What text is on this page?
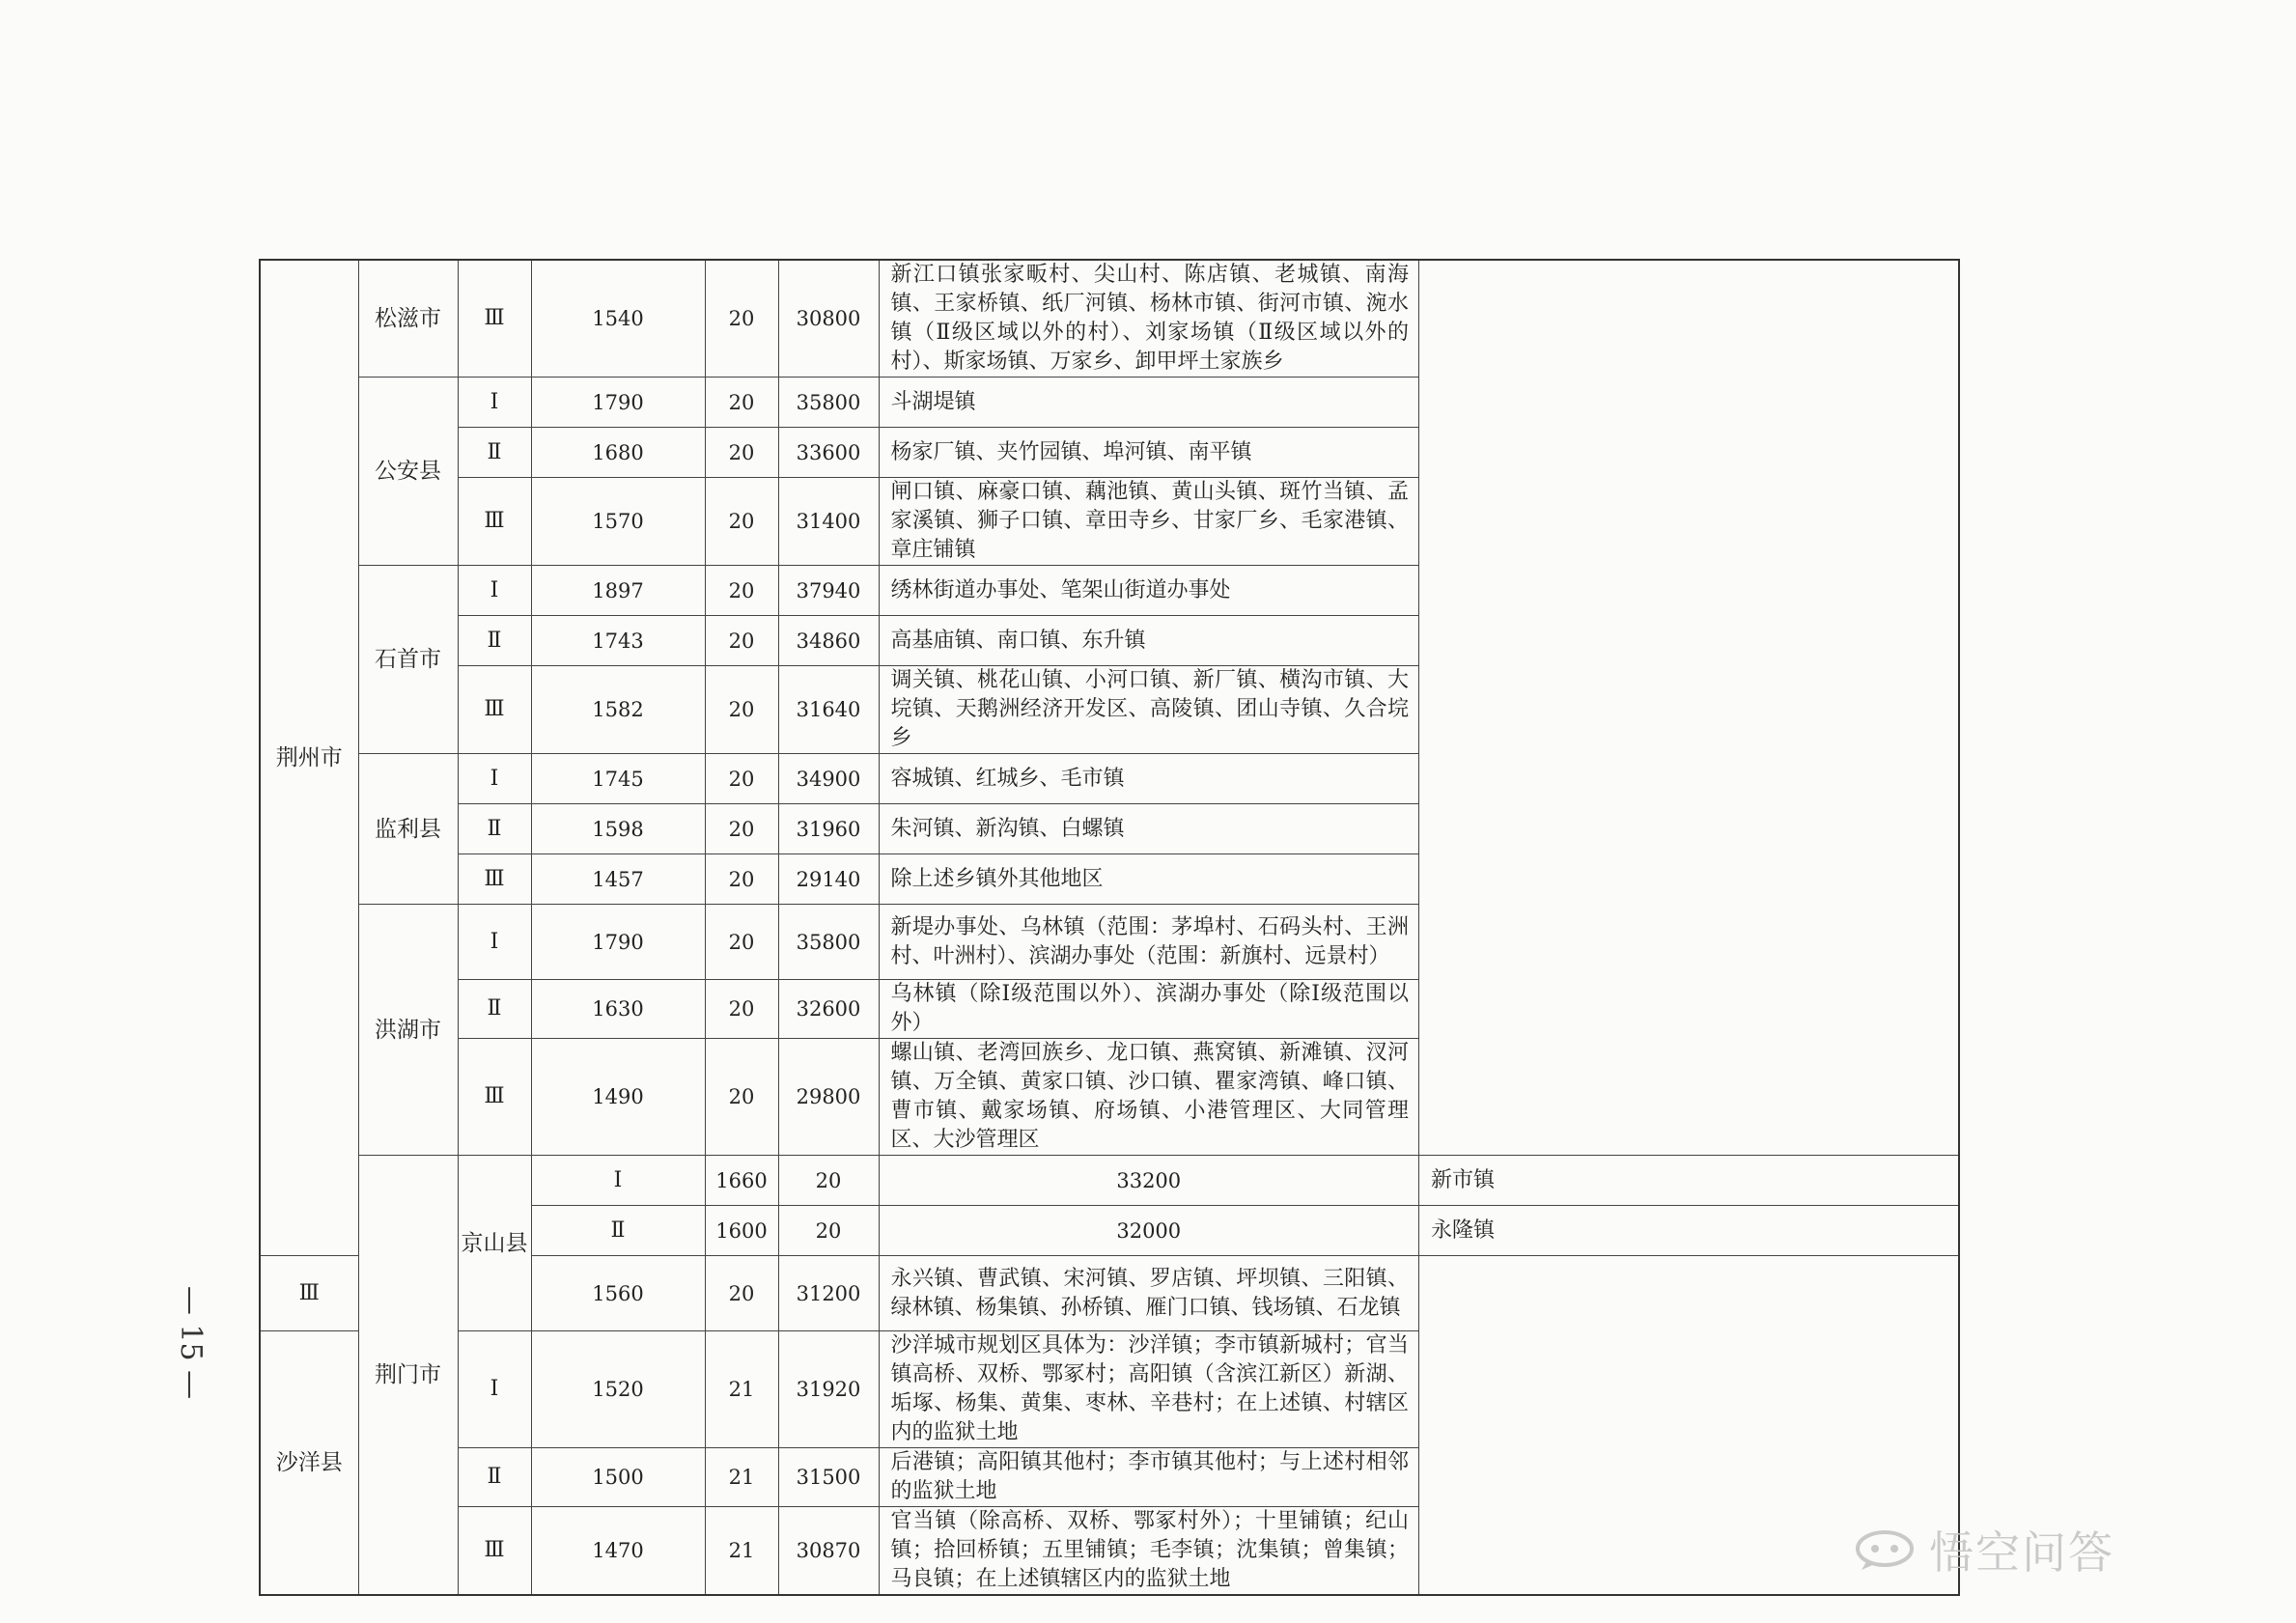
荆州市	松滋市	Ⅲ	1540	20	30800	新江口镇张家畈村、尖山村、陈店镇、老城镇、南海镇、王家桥镇、纸厂河镇、杨林市镇、街河市镇、涴水镇（Ⅱ级区域以外的村）、刘家场镇（Ⅱ级区域以外的村）、斯家场镇、万家乡、卸甲坪土家族乡	
	公安县	Ⅰ	1790	20	35800	斗湖堤镇	
		Ⅱ	1680	20	33600	杨家厂镇、夹竹园镇、埠河镇、南平镇	
		Ⅲ	1570	20	31400	闸口镇、麻豪口镇、藕池镇、黄山头镇、斑竹当镇、孟家溪镇、狮子口镇、章田寺乡、甘家厂乡、毛家港镇、章庄铺镇	
	石首市	Ⅰ	1897	20	37940	绣林街道办事处、笔架山街道办事处	
		Ⅱ	1743	20	34860	高基庙镇、南口镇、东升镇	
		Ⅲ	1582	20	31640	调关镇、桃花山镇、小河口镇、新厂镇、横沟市镇、大垸镇、天鹅洲经济开发区、高陵镇、团山寺镇、久合垸乡	
	监利县	Ⅰ	1745	20	34900	容城镇、红城乡、毛市镇	
		Ⅱ	1598	20	31960	朱河镇、新沟镇、白螺镇	
		Ⅲ	1457	20	29140	除上述乡镇外其他地区	
	洪湖市	Ⅰ	1790	20	35800	新堤办事处、乌林镇（范围：茅埠村、石码头村、王洲村、叶洲村）、滨湖办事处（范围：新旗村、远景村）	
		Ⅱ	1630	20	32600	乌林镇（除Ⅰ级范围以外）、滨湖办事处（除Ⅰ级范围以外）	
		Ⅲ	1490	20	29800	螺山镇、老湾回族乡、龙口镇、燕窝镇、新滩镇、汊河镇、万全镇、黄家口镇、沙口镇、瞿家湾镇、峰口镇、曹市镇、戴家场镇、府场镇、小港管理区、大同管理区、大沙管理区	
	荆门市	京山县	Ⅰ	1660	20	33200	新市镇
			Ⅱ	1600	20	32000	永隆镇
Ⅲ			1560	20	31200	永兴镇、曹武镇、宋河镇、罗店镇、坪坝镇、三阳镇、绿林镇、杨集镇、孙桥镇、雁门口镇、钱场镇、石龙镇	
沙洋县		Ⅰ	1520	21	31920	沙洋城市规划区具体为：沙洋镇；李市镇新城村；官当镇高桥、双桥、鄂冢村；高阳镇（含滨江新区）新湖、垢塚、杨集、黄集、枣林、辛巷村；在上述镇、村辖区内的监狱土地	
		Ⅱ	1500	21	31500	后港镇；高阳镇其他村；李市镇其他村；与上述村相邻的监狱土地	
		Ⅲ	1470	21	30870	官当镇（除高桥、双桥、鄂冢村外）；十里铺镇；纪山镇；拾回桥镇；五里铺镇；毛李镇；沈集镇；曾集镇；马良镇；在上述镇辖区内的监狱土地	
— 15 —
悟空问答
